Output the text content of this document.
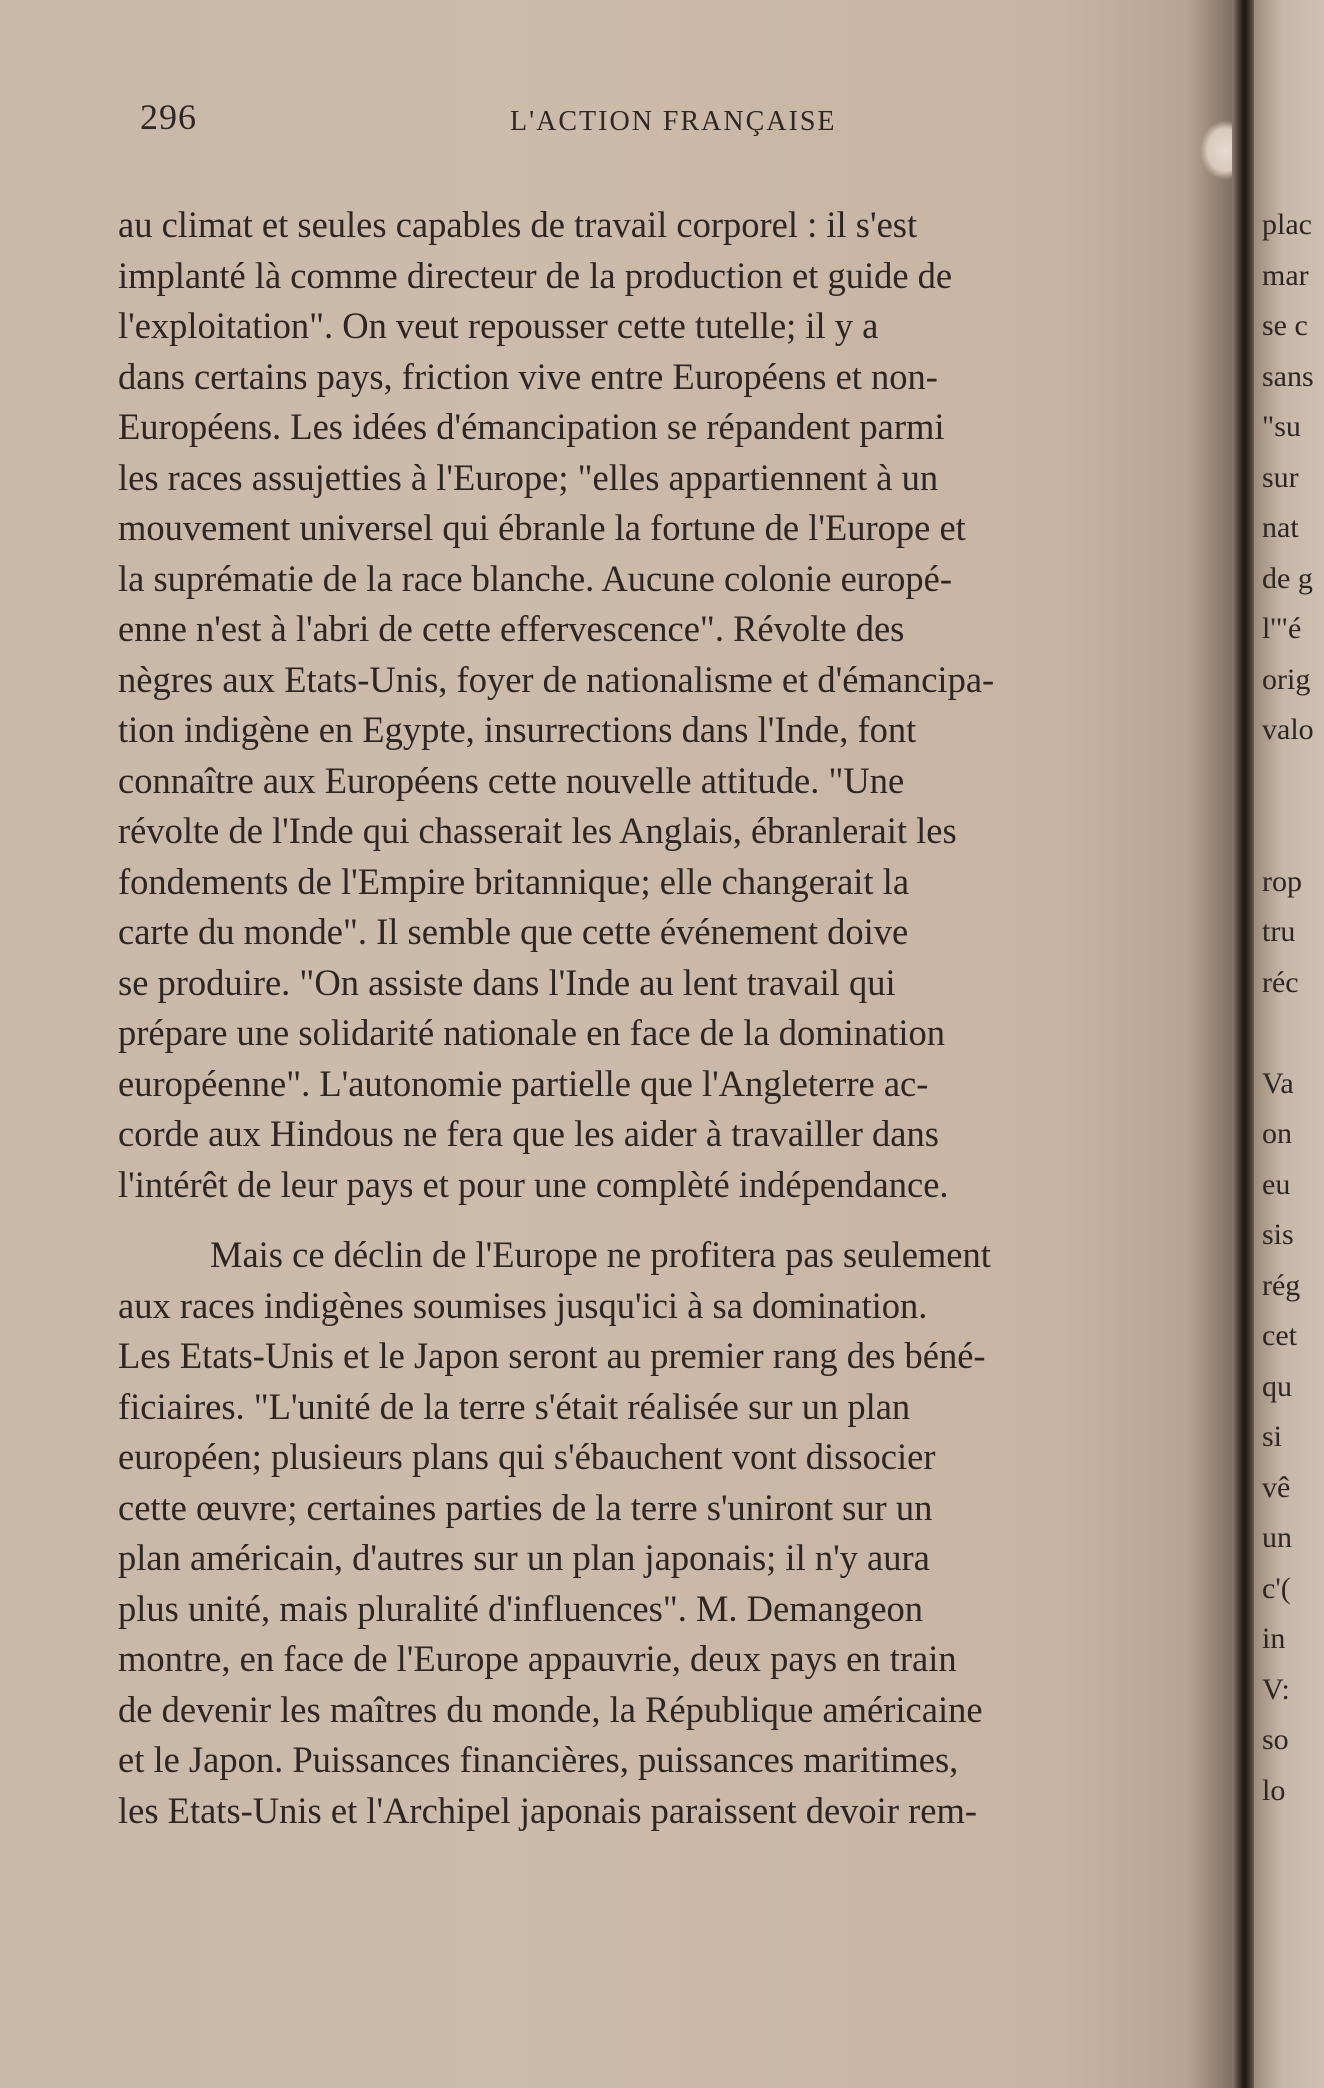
296	L'ACTION FRANÇAISE
au climat et seules capables de travail corporel : il s'est
implanté là comme directeur de la production et guide de
l'exploitation". On veut repousser cette tutelle; il y a
dans certains pays, friction vive entre Européens et non-
Européens. Les idées d'émancipation se répandent parmi
les races assujetties à l'Europe; "elles appartiennent à un
mouvement universel qui ébranle la fortune de l'Europe et
la suprématie de la race blanche. Aucune colonie europé-
enne n'est à l'abri de cette effervescence". Révolte des
nègres aux Etats-Unis, foyer de nationalisme et d'émancipa-
tion indigène en Egypte, insurrections dans l'Inde, font
connaître aux Européens cette nouvelle attitude. "Une
révolte de l'Inde qui chasserait les Anglais, ébranlerait les
fondements de l'Empire britannique; elle changerait la
carte du monde". Il semble que cette événement doive
se produire. "On assiste dans l'Inde au lent travail qui
prépare une solidarité nationale en face de la domination
européenne". L'autonomie partielle que l'Angleterre ac-
corde aux Hindous ne fera que les aider à travailler dans
l'intérêt de leur pays et pour une complèté indépendance.
Mais ce déclin de l'Europe ne profitera pas seulement
aux races indigènes soumises jusqu'ici à sa domination.
Les Etats-Unis et le Japon seront au premier rang des béné-
ficiaires. "L'unité de la terre s'était réalisée sur un plan
européen; plusieurs plans qui s'ébauchent vont dissocier
cette œuvre; certaines parties de la terre s'uniront sur un
plan américain, d'autres sur un plan japonais; il n'y aura
plus unité, mais pluralité d'influences". M. Demangeon
montre, en face de l'Europe appauvrie, deux pays en train
de devenir les maîtres du monde, la République américaine
et le Japon. Puissances financières, puissances maritimes,
les Etats-Unis et l'Archipel japonais paraissent devoir rem-
plac
mar
se c
sans
"su
sur
nat
de g
l'"é
orig
valo

rop
tru
réc

Va
on
eu
sis
rég
cet
qu
si
vê
un
c'(
in
V:
so
lo
